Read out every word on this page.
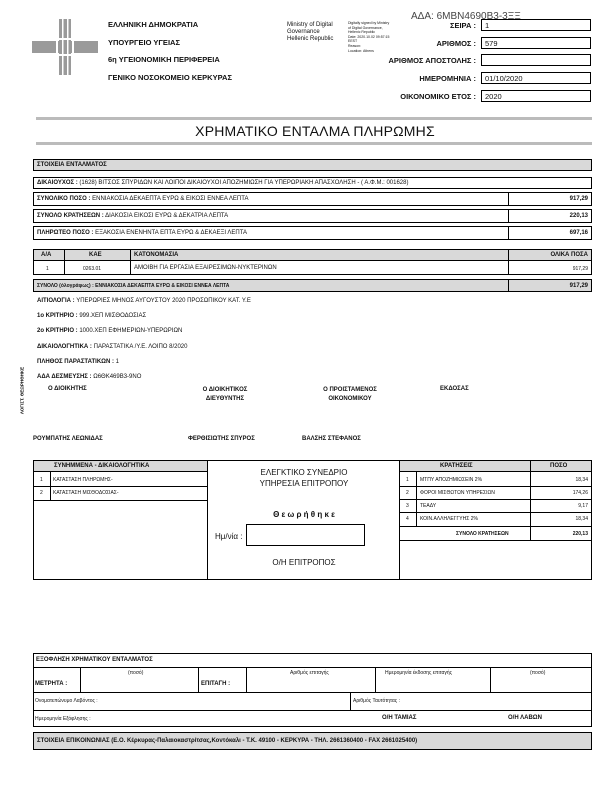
ΑΔΑ: 6ΜΒΝ4690Β3-3ΞΞ
ΕΛΛΗΝΙΚΗ ΔΗΜΟΚΡΑΤΙΑ
ΥΠΟΥΡΓΕΙΟ ΥΓΕΙΑΣ
6η ΥΓΕΙΟΝΟΜΙΚΗ ΠΕΡΙΦΕΡΕΙΑ
ΓΕΝΙΚΟ ΝΟΣΟΚΟΜΕΙΟ ΚΕΡΚΥΡΑΣ
Ministry of Digital
Governance
Hellenic Republic
Digitally signed by Ministry
of Digital Governance,
Hellenic Republic
Date: 2020.10.02 09:57:15
EEST
Reason:
Location: Athens
ΣΕΙΡΑ : 1
ΑΡΙΘΜΟΣ : 579
ΑΡΙΘΜΟΣ ΑΠΟΣΤΟΛΗΣ :
ΗΜΕΡΟΜΗΝΙΑ : 01/10/2020
ΟΙΚΟΝΟΜΙΚΟ ΕΤΟΣ : 2020
ΧΡΗΜΑΤΙΚΟ ΕΝΤΑΛΜΑ ΠΛΗΡΩΜΗΣ
ΣΤΟΙΧΕΙΑ ΕΝΤΑΛΜΑΤΟΣ
ΔΙΚΑΙΟΥΧΟΣ : (1628) ΒΙΤΣΟΣ ΣΠΥΡΙΔΩΝ ΚΑΙ ΛΟΙΠΟΙ ΔΙΚΑΙΟΥΧΟΙ ΑΠΟΖΗΜΙΩΣΗ ΓΙΑ ΥΠΕΡΩΡΙΑΚΗ ΑΠΑΣΧΟΛΗΣΗ - ( Α.Φ.Μ.: 001628)
ΣΥΝΟΛΙΚΟ ΠΟΣΟ : ΕΝΝΙΑΚΟΣΙΑ ΔΕΚΑΕΠΤΑ ΕΥΡΩ & ΕΙΚΟΣΙ ΕΝΝΕΑ ΛΕΠΤΑ	917,29
ΣΥΝΟΛΟ ΚΡΑΤΗΣΕΩΝ : ΔΙΑΚΟΣΙΑ ΕΙΚΟΣΙ ΕΥΡΩ & ΔΕΚΑΤΡΙΑ ΛΕΠΤΑ	220,13
ΠΛΗΡΩΤΕΟ ΠΟΣΟ : ΕΞΑΚΟΣΙΑ ΕΝΕΝΗΝΤΑ ΕΠΤΑ ΕΥΡΩ & ΔΕΚΑΕΞΙ ΛΕΠΤΑ	697,16
Α/Α	ΚΑΕ	ΚΑΤΟΝΟΜΑΣΙΑ	ΟΛΙΚΑ ΠΟΣΑ
1	0263.01	ΑΜΟΙΒΗ ΓΙΑ ΕΡΓΑΣΙΑ ΕΞΑΙΡΕΣΙΜΩΝ-ΝΥΚΤΕΡΙΝΩΝ	917,29
ΣΥΝΟΛΟ (όλογράφως) : ΕΝΝΙΑΚΟΣΙΑ ΔΕΚΑΕΠΤΑ ΕΥΡΩ & ΕΙΚΟΣΙ ΕΝΝΕΑ ΛΕΠΤΑ	917,29
ΑΙΤΙΟΛΟΓΙΑ : ΥΠΕΡΩΡΙΕΣ ΜΗΝΟΣ ΑΥΓΟΥΣΤΟΥ 2020 ΠΡΟΣΩΠΙΚΟΥ ΚΑΤ. Υ.Ε
1ο ΚΡΙΤΗΡΙΟ : 999.ΧΕΠ ΜΙΣΘΟΔΟΣΙΑΣ
2ο ΚΡΙΤΗΡΙΟ : 1000.ΧΕΠ ΕΦΗΜΕΡΙΩΝ-ΥΠΕΡΩΡΙΩΝ
ΔΙΚΑΙΟΛΟΓΗΤΙΚΑ : ΠΑΡΑΣΤΑΤΙΚΑ /Υ.Ε. ΛΟΙΠΟ 8/2020
ΠΛΗΘΟΣ ΠΑΡΑΣΤΑΤΙΚΩΝ : 1
ΑΔΑ ΔΕΣΜΕΥΣΗΣ : Ω6ΘΚ469Β3-9ΝΟ
ΛΟΓΙΣΤ. ΘΕΩΡΗΘΗΚΕ	Ο ΔΙΟΙΚΗΤΗΣ	Ο ΔΙΟΙΚΗΤΙΚΟΣ ΔΙΕΥΘΥΝΤΗΣ
Ο ΠΡΟΙΣΤΑΜΕΝΟΣ ΟΙΚΟΝΟΜΙΚΟΥ
ΕΚΔΟΣΑΣ
ΡΟΥΜΠΑΤΗΣ ΛΕΩΝΙΔΑΣ	ΦΕΡΘΙΣΙΩΤΗΣ ΣΠΥΡΟΣ	ΒΑΛΣΗΣ ΣΤΕΦΑΝΟΣ
ΣΥΝΗΜΜΕΝΑ - ΔΙΚΑΙΟΛΟΓΗΤΙΚΑ
1 ΚΑΤΑΣΤΑΣΗ ΠΛΗΡΩΜΗΣ-
2 ΚΑΤΑΣΤΑΣΗ ΜΙΣΘΟΔΟΣΙΑΣ-
ΕΛΕΓΚΤΙΚΟ ΣΥΝΕΔΡΙΟ
ΥΠΗΡΕΣΙΑ ΕΠΙΤΡΟΠΟΥ
Θ ε ω ρ ή θ η κ ε
Ημ/νία :
Ο/Η ΕΠΙΤΡΟΠΟΣ
ΚΡΑΤΗΣΕΙΣ	ΠΟΣΟ
1 ΜΤΠΥ ΑΠΟΖΗΜΙΩΣΕΙΝ 2%	18,34
2 ΦΟΡΟΙ ΜΙΣΘΩΤΩΝ ΥΠΗΡΕΣΙΩΝ	174,26
3 ΤΕΑΔΥ	9,17
4 ΚΟΙΝ.ΑΛΛΗΛΕΓΓΥΗΣ 2%	18,34
ΣΥΝΟΛΟ ΚΡΑΤΗΣΕΩΝ	220,13
ΕΞΟΦΛΗΣΗ ΧΡΗΜΑΤΙΚΟΥ ΕΝΤΑΛΜΑΤΟΣ
ΜΕΤΡΗΤΑ :
(ποσό)
ΕΠΙΤΑΓΗ :
Αριθμός επιταγής	Ημερομηνία έκδοσης επιταγής	(ποσό)
Ονοματεπώνυμο Λαβόντος :	Αριθμός Ταυτότητας :
Ημερομηνία Εξόφλησης :	Ο/Η ΤΑΜΙΑΣ	Ο/Η ΛΑΒΩΝ
ΣΤΟΙΧΕΙΑ ΕΠΙΚΟΙΝΩΝΙΑΣ (Ε.Ο. Κέρκυρας-Παλαιοκαστρίτσας,Κοντόκαλι - Τ.Κ. 49100 - ΚΕΡΚΥΡΑ - ΤΗΛ. 2661360400 - FAX 2661025400)
